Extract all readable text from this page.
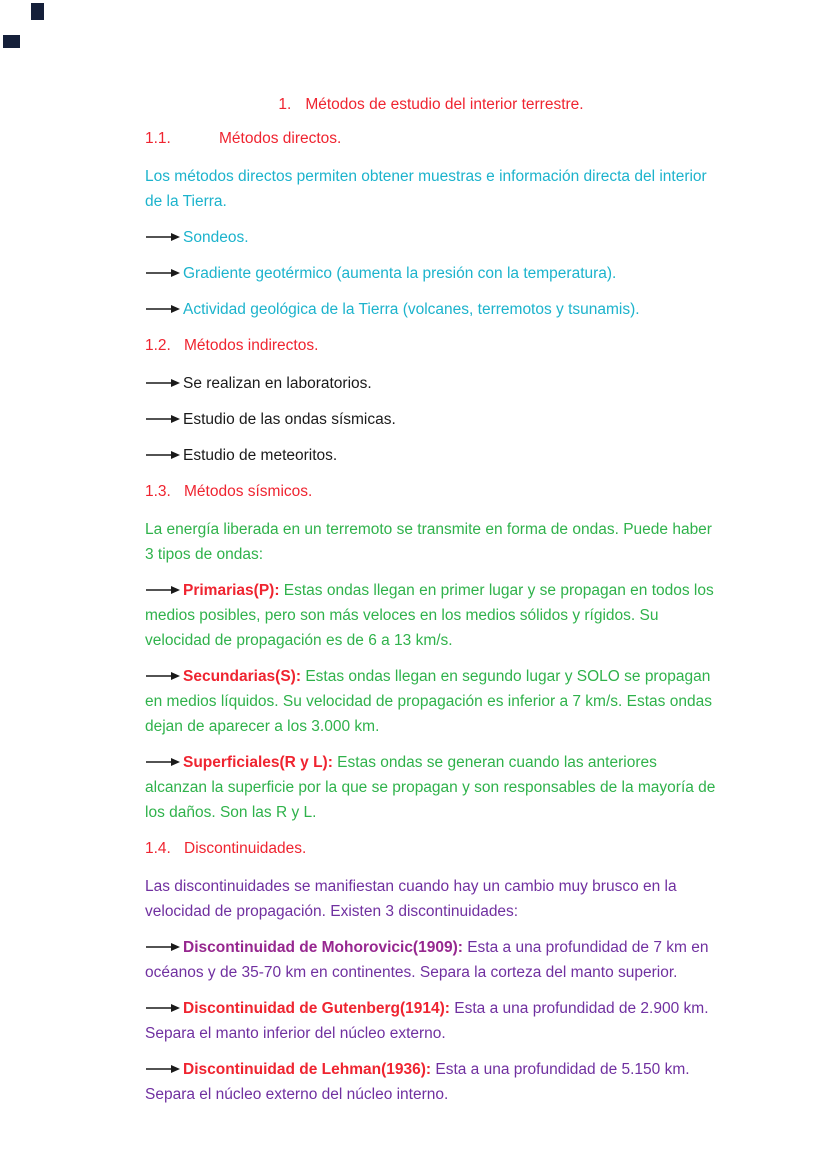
1. Métodos de estudio del interior terrestre.

1.1.	Métodos directos.

Los métodos directos permiten obtener muestras e información directa del interior de la Tierra.

Sondeos.

Gradiente geotérmico (aumenta la presión con la temperatura).

Actividad geológica de la Tierra (volcanes, terremotos y tsunamis).

1.2. Métodos indirectos.

Se realizan en laboratorios.

Estudio de las ondas sísmicas.

Estudio de meteoritos.

1.3. Métodos sísmicos.

La energía liberada en un terremoto se transmite en forma de ondas. Puede haber 3 tipos de ondas:

Primarias(P): Estas ondas llegan en primer lugar y se propagan en todos los medios posibles, pero son más veloces en los medios sólidos y rígidos. Su velocidad de propagación es de 6 a 13 km/s.

Secundarias(S): Estas ondas llegan en segundo lugar y SOLO se propagan en medios líquidos. Su velocidad de propagación es inferior a 7 km/s. Estas ondas dejan de aparecer a los 3.000 km.

Superficiales(R y L): Estas ondas se generan cuando las anteriores alcanzan la superficie por la que se propagan y son responsables de la mayoría de los daños. Son las R y L.

1.4. Discontinuidades.

Las discontinuidades se manifiestan cuando hay un cambio muy brusco en la velocidad de propagación. Existen 3 discontinuidades:

Discontinuidad de Mohorovicic(1909): Esta a una profundidad de 7 km en océanos y de 35-70 km en continentes. Separa la corteza del manto superior.

Discontinuidad de Gutenberg(1914): Esta a una profundidad de 2.900 km. Separa el manto inferior del núcleo externo.

Discontinuidad de Lehman(1936): Esta a una profundidad de 5.150 km. Separa el núcleo externo del núcleo interno.
